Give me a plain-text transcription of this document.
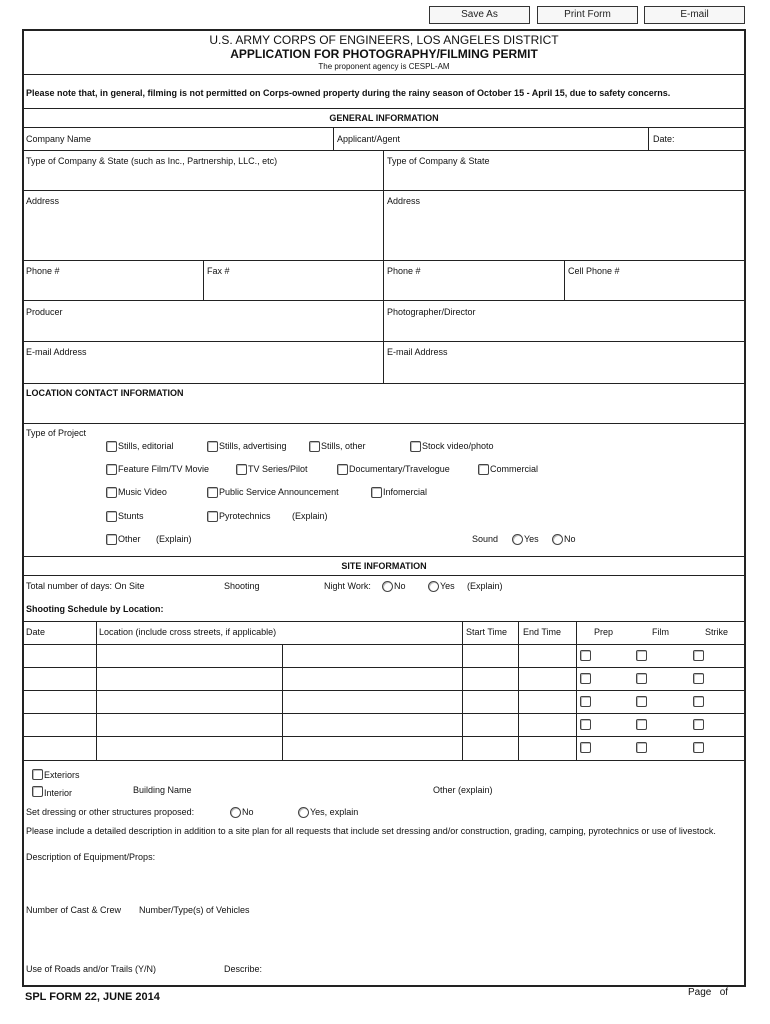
Save As	Print Form	E-mail
U.S. ARMY CORPS OF ENGINEERS, LOS ANGELES DISTRICT
APPLICATION FOR PHOTOGRAPHY/FILMING PERMIT
The proponent agency is CESPL-AM
Please note that, in general, filming is not permitted on Corps-owned property during the rainy season of October 15 - April 15, due to safety concerns.
GENERAL INFORMATION
Company Name	Applicant/Agent	Date:
Type of Company & State (such as Inc., Partnership, LLC., etc)	Type of Company & State
Address	Address
Phone #	Fax #	Phone #	Cell Phone #
Producer	Photographer/Director
E-mail Address	E-mail Address
LOCATION CONTACT INFORMATION
Type of Project
Stills, editorial	Stills, advertising	Stills, other	Stock video/photo
Feature Film/TV Movie	TV Series/Pilot	Documentary/Travelogue	Commercial
Music Video	Public Service Announcement	Infomercial
Stunts	Pyrotechnics (Explain)
Other (Explain)	Sound	Yes	No
SITE INFORMATION
Total number of days: On Site	Shooting	Night Work:	No	Yes (Explain)
Shooting Schedule by Location:
Date	Location (include cross streets, if applicable)	Start Time End Time	Prep	Film	Strike
Exteriors
Interior	Building Name	Other (explain)
Set dressing or other structures proposed:	No	Yes, explain
Please include a detailed description in addition to a site plan for all requests that include set dressing and/or construction, grading, camping, pyrotechnics or use of livestock.
Description of Equipment/Props:
Number of Cast & Crew Number/Type(s) of Vehicles
Use of Roads and/or Trails (Y/N)	Describe:
SPL FORM 22, JUNE 2014	Page   of
